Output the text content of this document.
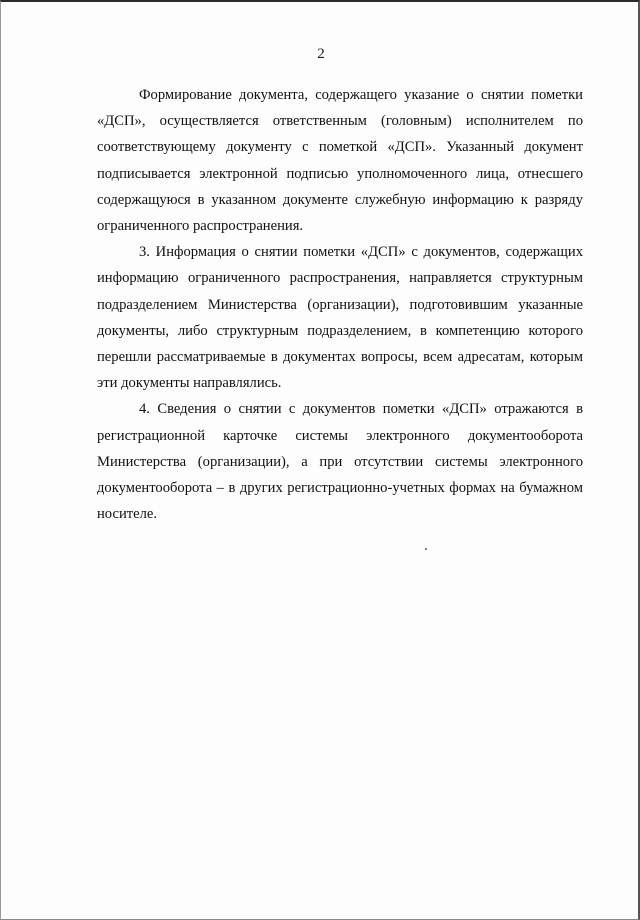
2

Формирование документа, содержащего указание о снятии пометки «ДСП», осуществляется ответственным (головным) исполнителем по соответствующему документу с пометкой «ДСП». Указанный документ подписывается электронной подписью уполномоченного лица, отнесшего содержащуюся в указанном документе служебную информацию к разряду ограниченного распространения.

3. Информация о снятии пометки «ДСП» с документов, содержащих информацию ограниченного распространения, направляется структурным подразделением Министерства (организации), подготовившим указанные документы, либо структурным подразделением, в компетенцию которого перешли рассматриваемые в документах вопросы, всем адресатам, которым эти документы направлялись.

4. Сведения о снятии с документов пометки «ДСП» отражаются в регистрационной карточке системы электронного документооборота Министерства (организации), а при отсутствии системы электронного документооборота – в других регистрационно-учетных формах на бумажном носителе.
